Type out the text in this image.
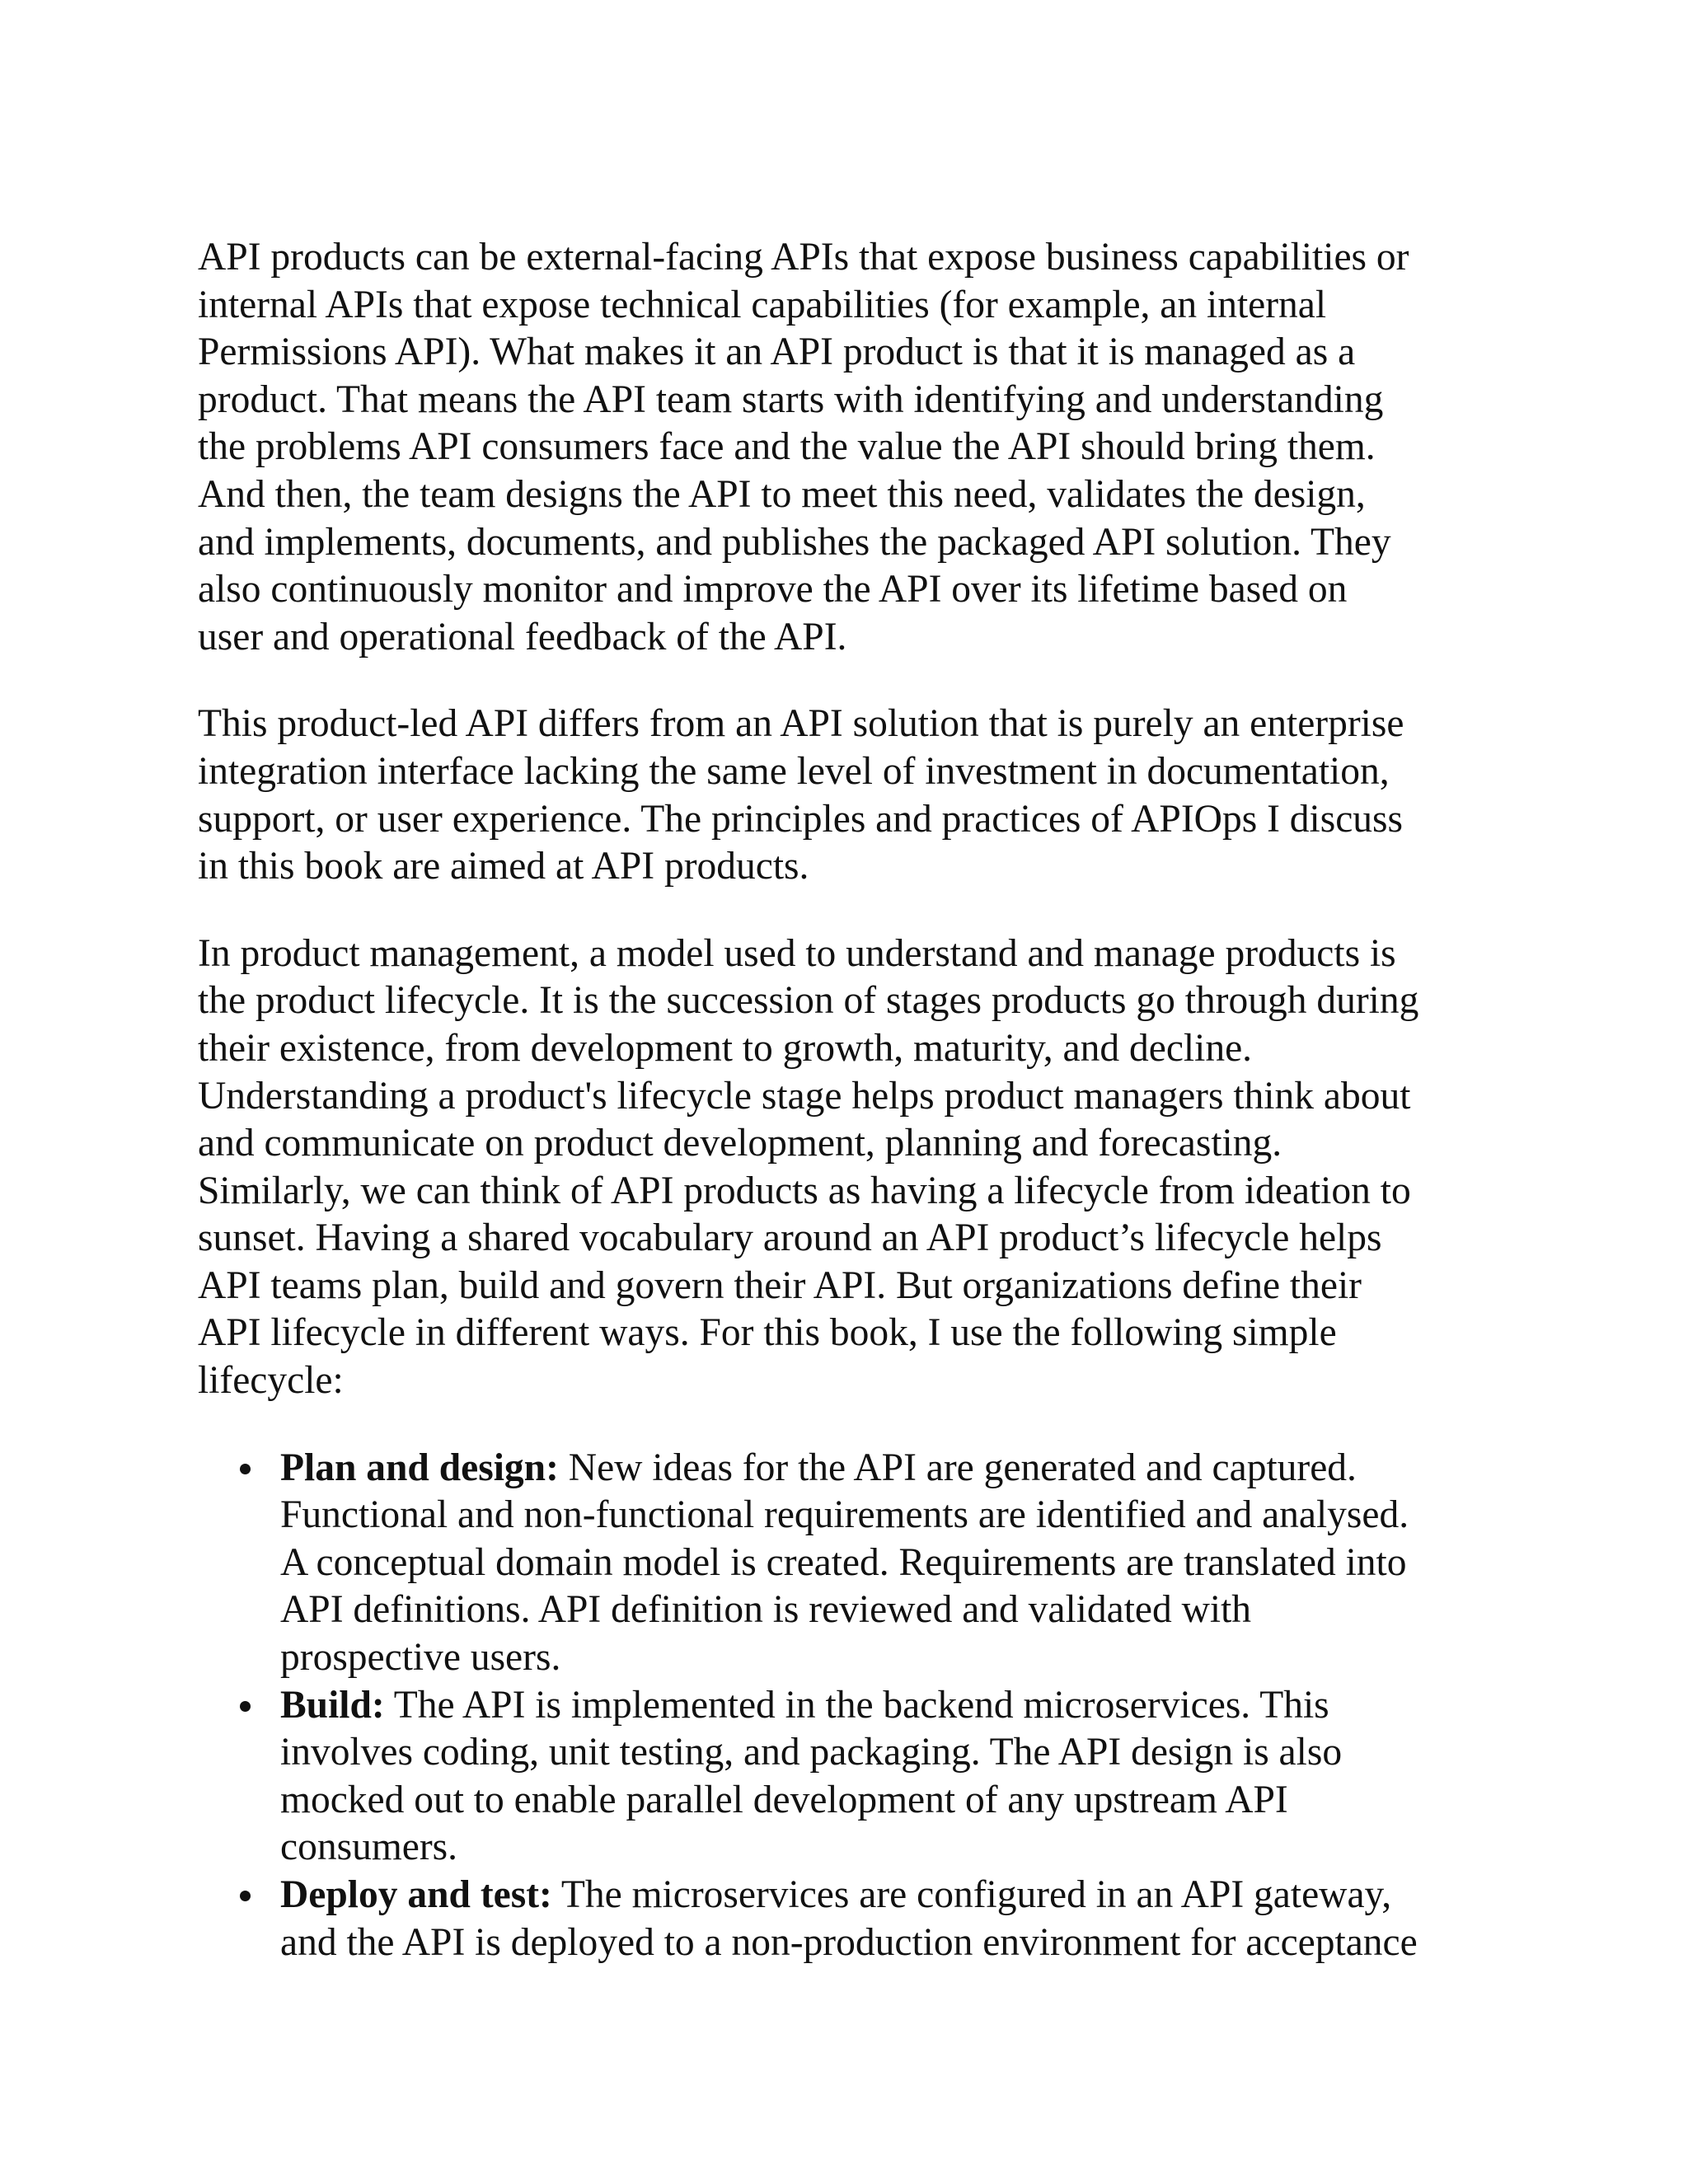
API products can be external-facing APIs that expose business capabilities or
internal APIs that expose technical capabilities (for example, an internal
Permissions API). What makes it an API product is that it is managed as a
product. That means the API team starts with identifying and understanding
the problems API consumers face and the value the API should bring them.
And then, the team designs the API to meet this need, validates the design,
and implements, documents, and publishes the packaged API solution. They
also continuously monitor and improve the API over its lifetime based on
user and operational feedback of the API.

This product-led API differs from an API solution that is purely an enterprise
integration interface lacking the same level of investment in documentation,
support, or user experience. The principles and practices of APIOps I discuss
in this book are aimed at API products.

In product management, a model used to understand and manage products is
the product lifecycle. It is the succession of stages products go through during
their existence, from development to growth, maturity, and decline.
Understanding a product's lifecycle stage helps product managers think about
and communicate on product development, planning and forecasting.
Similarly, we can think of API products as having a lifecycle from ideation to
sunset. Having a shared vocabulary around an API product’s lifecycle helps
API teams plan, build and govern their API. But organizations define their
API lifecycle in different ways. For this book, I use the following simple
lifecycle:

Plan and design: New ideas for the API are generated and captured.
Functional and non-functional requirements are identified and analysed.
A conceptual domain model is created. Requirements are translated into
API definitions. API definition is reviewed and validated with
prospective users.
Build: The API is implemented in the backend microservices. This
involves coding, unit testing, and packaging. The API design is also
mocked out to enable parallel development of any upstream API
consumers.
Deploy and test: The microservices are configured in an API gateway,
and the API is deployed to a non-production environment for acceptance
